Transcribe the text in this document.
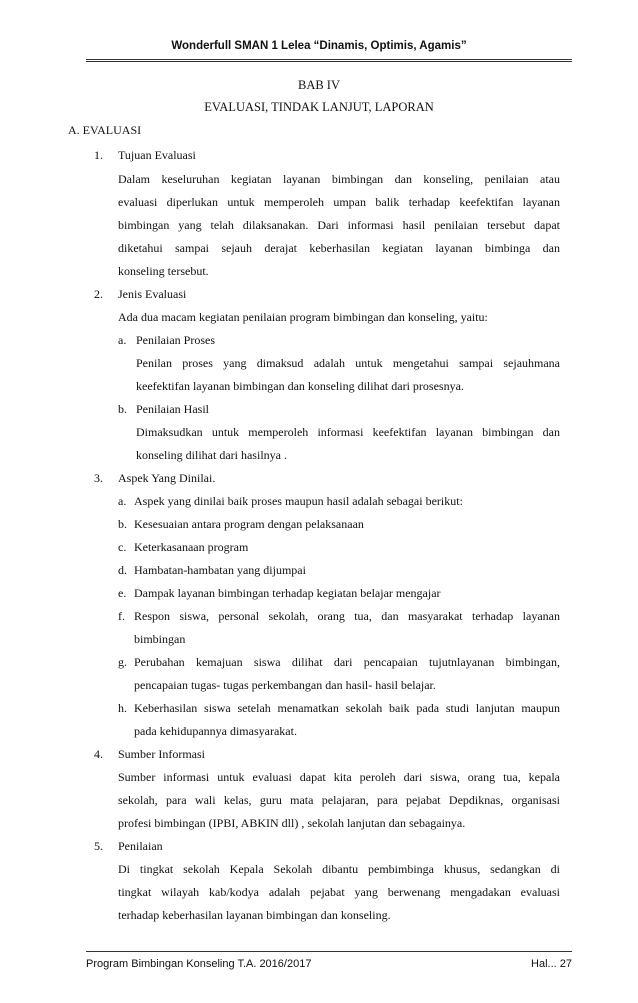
Wonderfull SMAN 1 Lelea “Dinamis, Optimis, Agamis”
BAB IV
EVALUASI, TINDAK LANJUT, LAPORAN
A. EVALUASI
1. Tujuan Evaluasi
Dalam keseluruhan kegiatan layanan bimbingan dan konseling, penilaian atau
evaluasi diperlukan untuk memperoleh umpan balik terhadap keefektifan layanan
bimbingan yang telah dilaksanakan. Dari informasi hasil penilaian tersebut dapat
diketahui sampai sejauh derajat keberhasilan kegiatan layanan bimbinga dan
konseling tersebut.
2. Jenis Evaluasi
Ada dua macam kegiatan penilaian program bimbingan dan konseling, yaitu:
a. Penilaian Proses
Penilan proses yang dimaksud adalah untuk mengetahui sampai sejauhmana
keefektifan layanan bimbingan dan konseling dilihat dari prosesnya.
b. Penilaian Hasil
Dimaksudkan untuk memperoleh informasi keefektifan layanan bimbingan dan
konseling dilihat dari hasilnya .
3. Aspek Yang Dinilai.
a. Aspek yang dinilai baik proses maupun hasil adalah sebagai berikut:
b. Kesesuaian antara program dengan pelaksanaan
c. Keterkasanaan program
d. Hambatan-hambatan yang dijumpai
e. Dampak layanan bimbingan terhadap kegiatan belajar mengajar
f. Respon siswa, personal sekolah, orang tua, dan masyarakat terhadap layanan
bimbingan
g. Perubahan kemajuan siswa dilihat dari pencapaian tujutnlayanan bimbingan,
pencapaian tugas- tugas perkembangan dan hasil- hasil belajar.
h. Keberhasilan siswa setelah menamatkan sekolah baik pada studi lanjutan maupun
pada kehidupannya dimasyarakat.
4. Sumber Informasi
Sumber informasi untuk evaluasi dapat kita peroleh dari siswa, orang tua, kepala
sekolah, para wali kelas, guru mata pelajaran, para pejabat Depdiknas, organisasi
profesi bimbingan (IPBI, ABKIN dll) , sekolah lanjutan dan sebagainya.
5. Penilaian
Di tingkat sekolah Kepala Sekolah dibantu pembimbinga khusus, sedangkan di
tingkat wilayah kab/kodya adalah pejabat yang berwenang mengadakan evaluasi
terhadap keberhasilan layanan bimbingan dan konseling.
Program Bimbingan Konseling T.A. 2016/2017	Hal... 27
